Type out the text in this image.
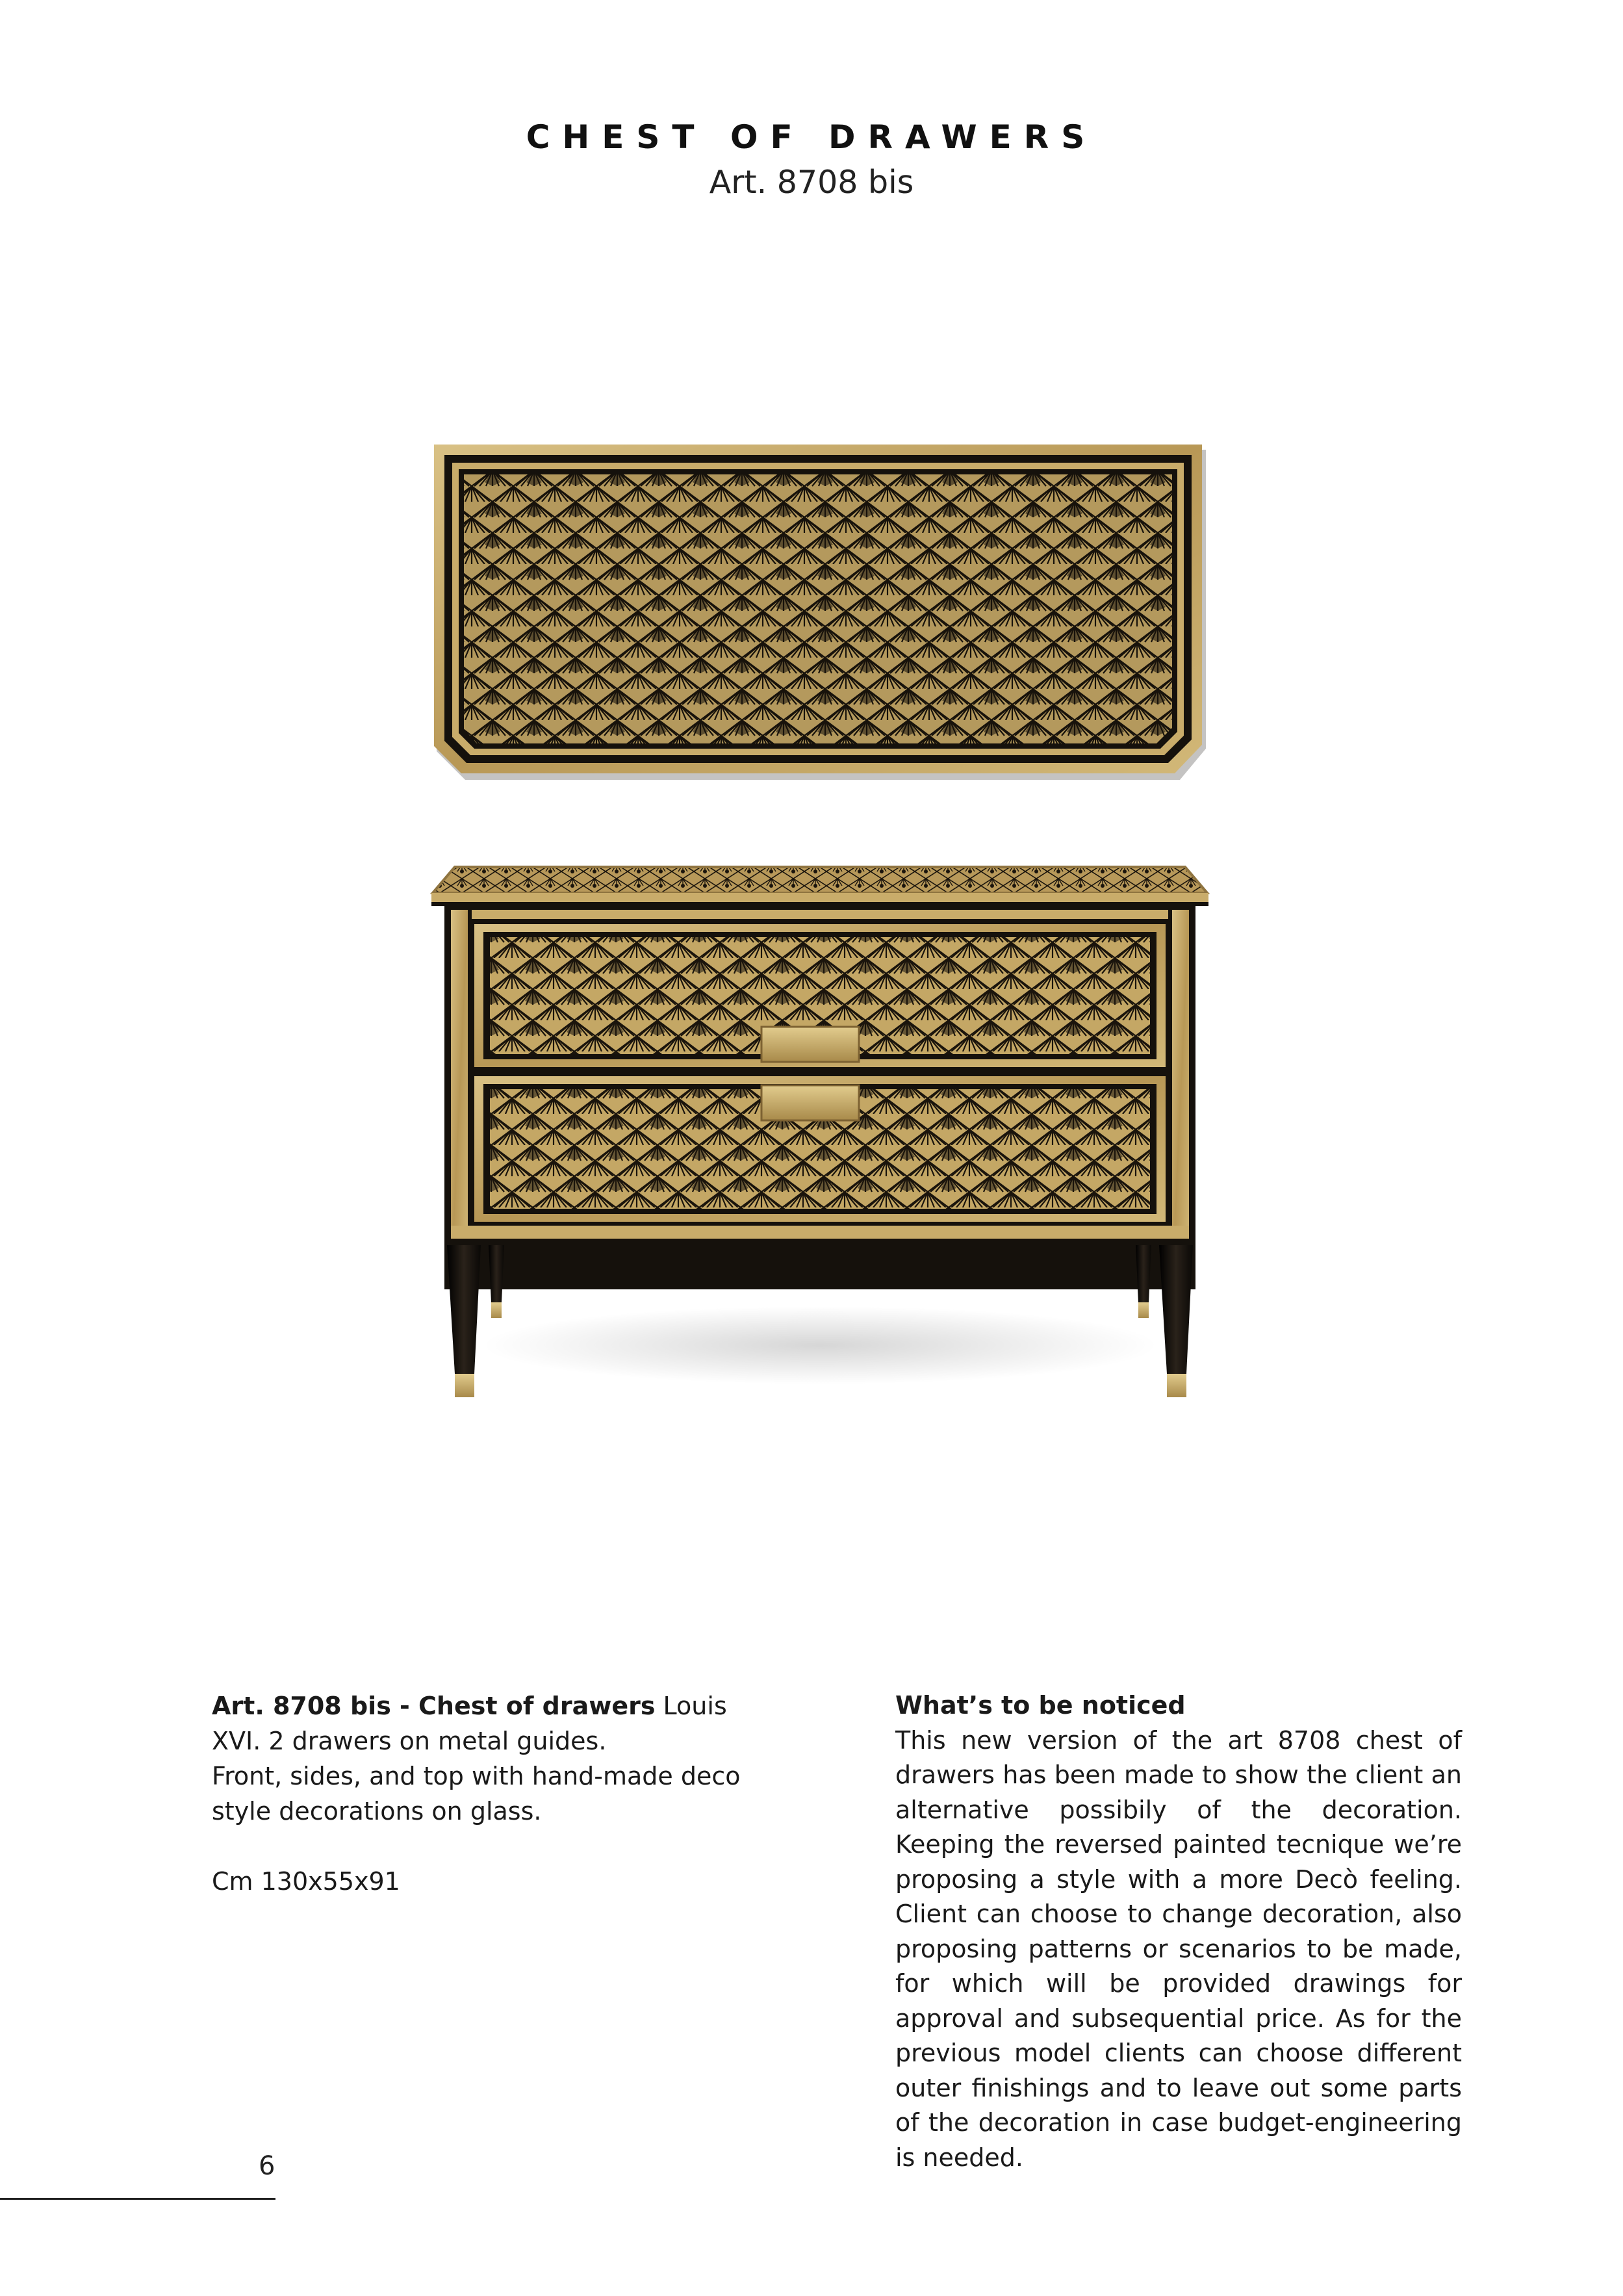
CHEST OF DRAWERS
Art. 8708 bis
Art. 8708 bis - Chest of drawers Louis XVI. 2 drawers on metal guides.
Front, sides, and top with hand-made deco style decorations on glass.
Cm 130x55x91
What’s to be noticed

This new version of the art 8708 chest of drawers has been made to show the client an alternative possibily of the decoration. Keeping the reversed painted tecnique we’re proposing a style with a more Decò feeling. Client can choose to change decoration, also proposing patterns or scenarios to be made, for which will be provided drawings for approval and subsequential price. As for the previous model clients can choose different outer finishings and to leave out some parts of the decoration in case budget-engineering is needed.

6
